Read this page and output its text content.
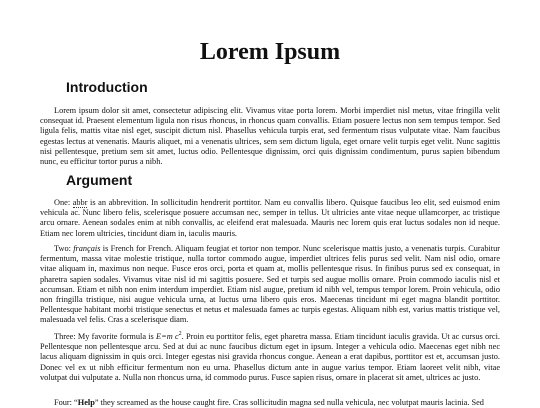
Lorem Ipsum
Introduction

Lorem ipsum dolor sit amet, consectetur adipiscing elit. Vivamus vitae porta lorem. Morbi imperdiet nisl metus, vitae fringilla velit consequat id. Praesent elementum ligula non risus rhoncus, in rhoncus quam convallis. Etiam posuere lectus non sem tempus tempor. Sed ligula felis, mattis vitae nisl eget, suscipit dictum nisl. Phasellus vehicula turpis erat, sed fermentum risus vulputate vitae. Nam faucibus egestas lectus at venenatis. Mauris aliquet, mi a venenatis ultrices, sem sem dictum ligula, eget ornare velit turpis eget velit. Nunc sagittis nisi pellentesque, pretium sem sit amet, luctus odio. Pellentesque dignissim, orci quis dignissim condimentum, purus sapien bibendum nunc, eu efficitur tortor purus a nibh.

Argument

One: abbr is an abbrevition. In sollicitudin hendrerit porttitor. Nam eu convallis libero. Quisque faucibus leo elit, sed euismod enim vehicula ac. Nunc libero felis, scelerisque posuere accumsan nec, semper in tellus. Ut ultricies ante vitae neque ullamcorper, ac tristique arcu ornare. Aenean sodales enim at nibh convallis, ac eleifend erat malesuada. Mauris nec lorem quis erat luctus sodales non id neque. Etiam nec lorem ultricies, tincidunt diam in, iaculis mauris.

Two: français is French for French. Aliquam feugiat et tortor non tempor. Nunc scelerisque mattis justo, a venenatis turpis. Curabitur fermentum, massa vitae molestie tristique, nulla tortor commodo augue, imperdiet ultrices felis purus sed velit. Nam nisl odio, ornare vitae aliquam in, maximus non neque. Fusce eros orci, porta et quam at, mollis pellentesque risus. In finibus purus sed ex consequat, in pharetra sapien sodales. Vivamus vitae nisl id mi sagittis posuere. Sed et turpis sed augue mollis ornare. Proin commodo iaculis nisl et accumsan. Etiam et nibh non enim interdum imperdiet. Etiam nisl augue, pretium id nibh vel, tempus tempor lorem. Proin vehicula, odio non fringilla tristique, nisi augue vehicula urna, at luctus urna libero quis eros. Maecenas tincidunt mi eget magna blandit porttitor. Pellentesque habitant morbi tristique senectus et netus et malesuada fames ac turpis egestas. Aliquam nibh est, varius mattis tristique vel, malesuada vel felis. Cras a scelerisque diam.

Three: My favorite formula is E=m $c^2$. Proin eu porttitor felis, eget pharetra massa. Etiam tincidunt iaculis gravida. Ut ac cursus orci. Pellentesque non pellentesque arcu. Sed at dui ac nunc faucibus dictum eget in ipsum. Integer a vehicula odio. Maecenas eget nibh nec lacus aliquam dignissim in quis orci. Integer egestas nisi gravida rhoncus congue. Aenean a erat dapibus, porttitor est et, accumsan justo. Donec vel ex ut nibh efficitur fermentum non eu urna. Phasellus dictum ante in augue varius tempor. Etiam laoreet velit nibh, vitae volutpat dui vulputate a. Nulla non rhoncus urna, id commodo purus. Fusce sapien risus, ornare in placerat sit amet, ultrices ac justo.

Four: “Help” they screamed as the house caught fire. Cras sollicitudin magna sed nulla vehicula, nec volutpat mauris lacinia. Sed
